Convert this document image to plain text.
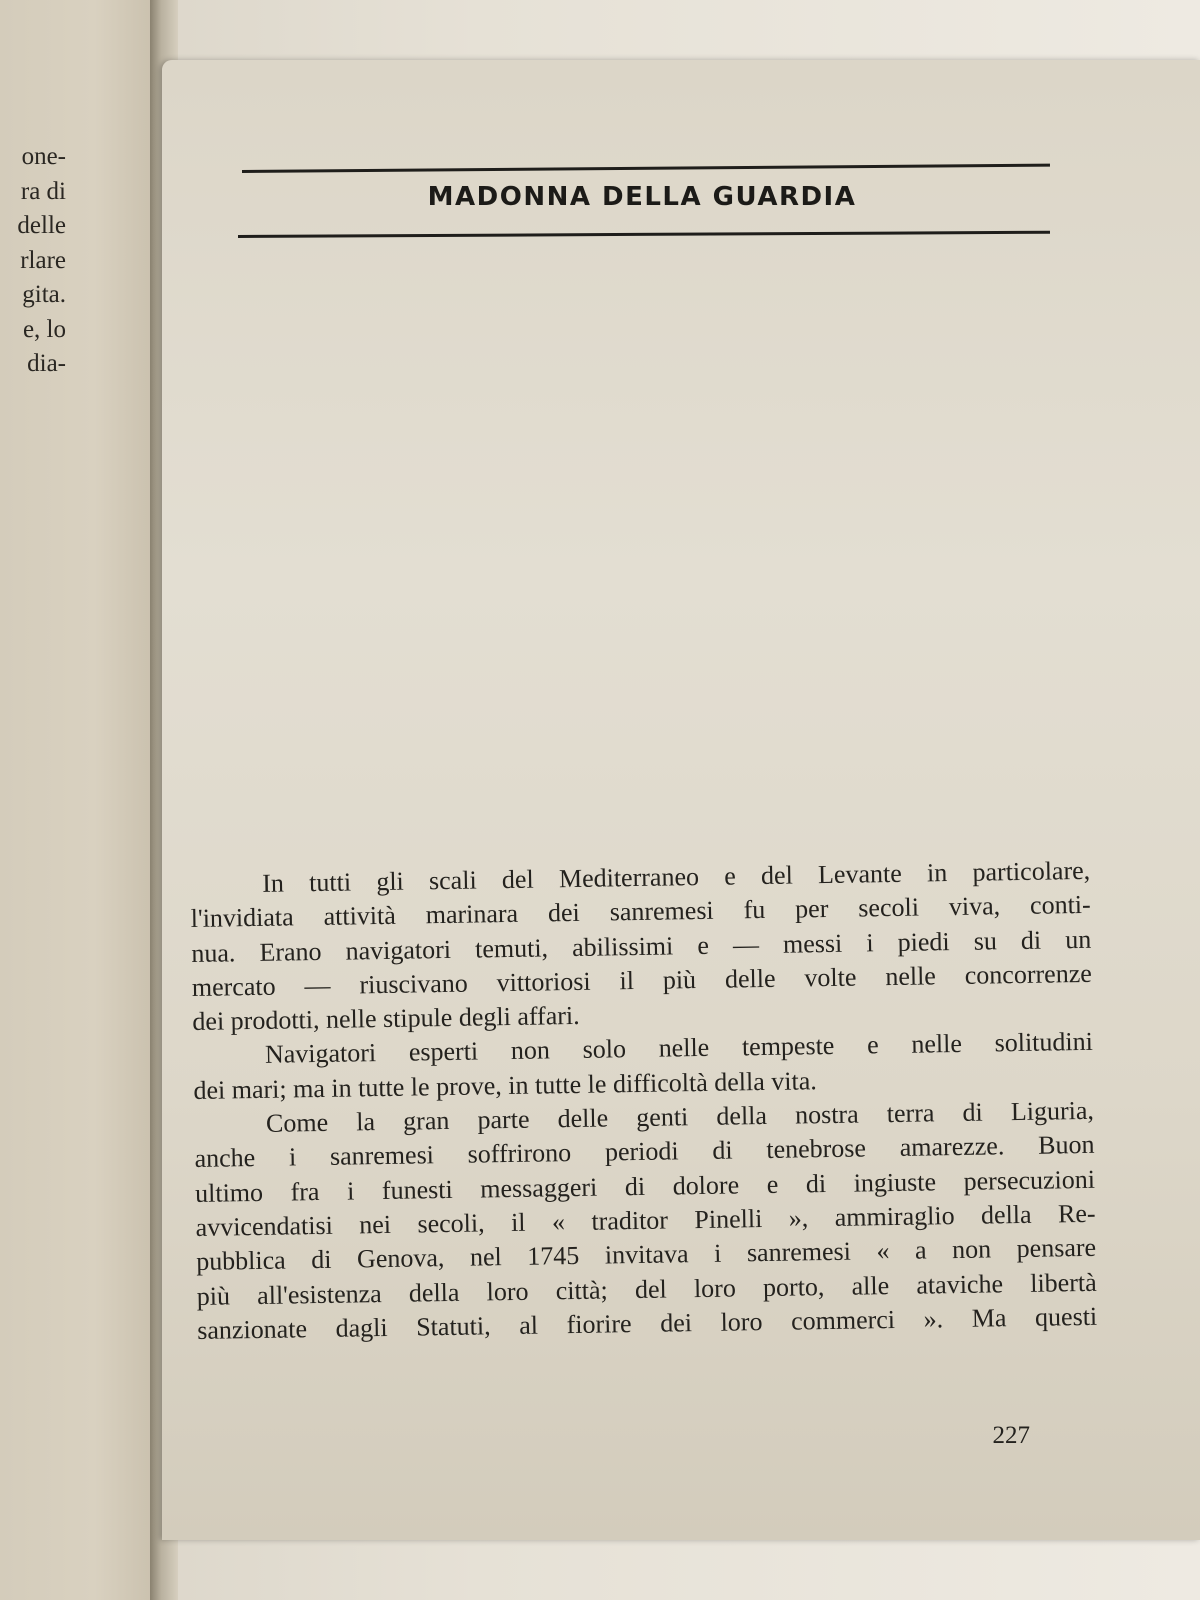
one-
ra di
delle
rlare
gita.
e, lo
dia-
MADONNA DELLA GUARDIA
In tutti gli scali del Mediterraneo e del Levante in particolare,
l'invidiata attività marinara dei sanremesi fu per secoli viva, conti-
nua. Erano navigatori temuti, abilissimi e — messi i piedi su di un
mercato — riuscivano vittoriosi il più delle volte nelle concorrenze
dei prodotti, nelle stipule degli affari.
Navigatori esperti non solo nelle tempeste e nelle solitudini
dei mari; ma in tutte le prove, in tutte le difficoltà della vita.
Come la gran parte delle genti della nostra terra di Liguria,
anche i sanremesi soffrirono periodi di tenebrose amarezze. Buon
ultimo fra i funesti messaggeri di dolore e di ingiuste persecuzioni
avvicendatisi nei secoli, il « traditor Pinelli », ammiraglio della Re-
pubblica di Genova, nel 1745 invitava i sanremesi « a non pensare
più all'esistenza della loro città; del loro porto, alle ataviche libertà
sanzionate dagli Statuti, al fiorire dei loro commerci ». Ma questi

227
